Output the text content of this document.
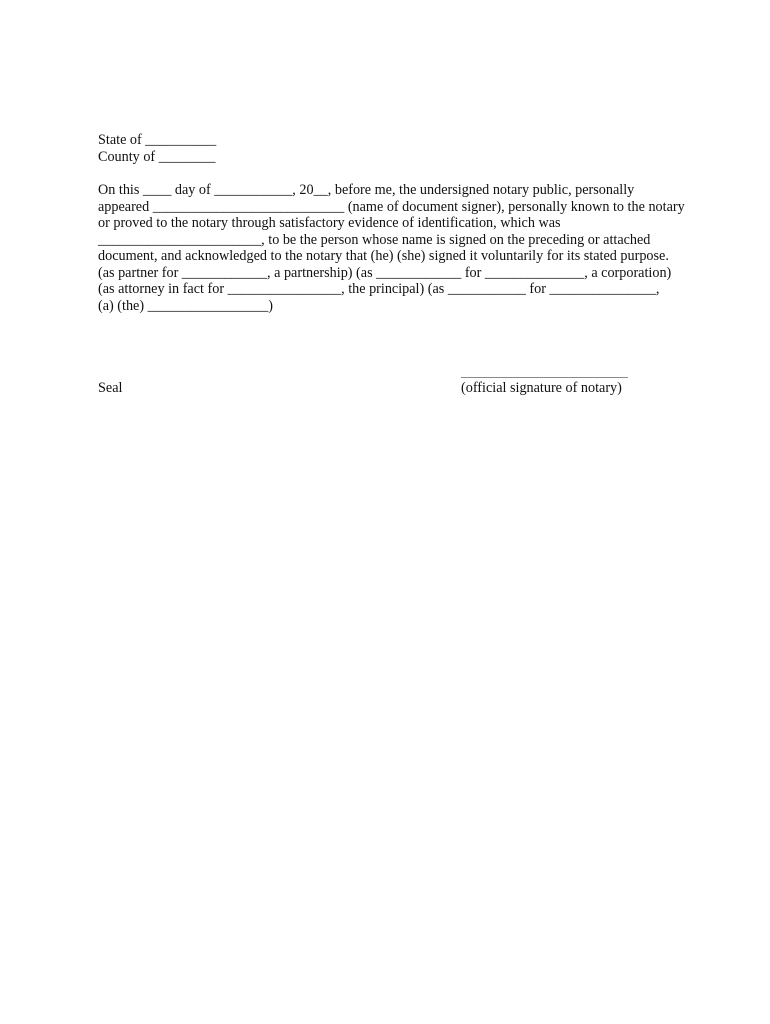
State of __________
County of ________
On this ____ day of ___________, 20__, before me, the undersigned notary public, personally
appeared ___________________________ (name of document signer), personally known to the notary
or proved to the notary through satisfactory evidence of identification, which was
_______________________, to be the person whose name is signed on the preceding or attached
document, and acknowledged to the notary that (he) (she) signed it voluntarily for its stated purpose.
(as partner for ____________, a partnership) (as ____________ for ______________, a corporation)
(as attorney in fact for ________________, the principal) (as ___________ for _______________,
(a) (the) _________________)
Seal	(official signature of notary)
